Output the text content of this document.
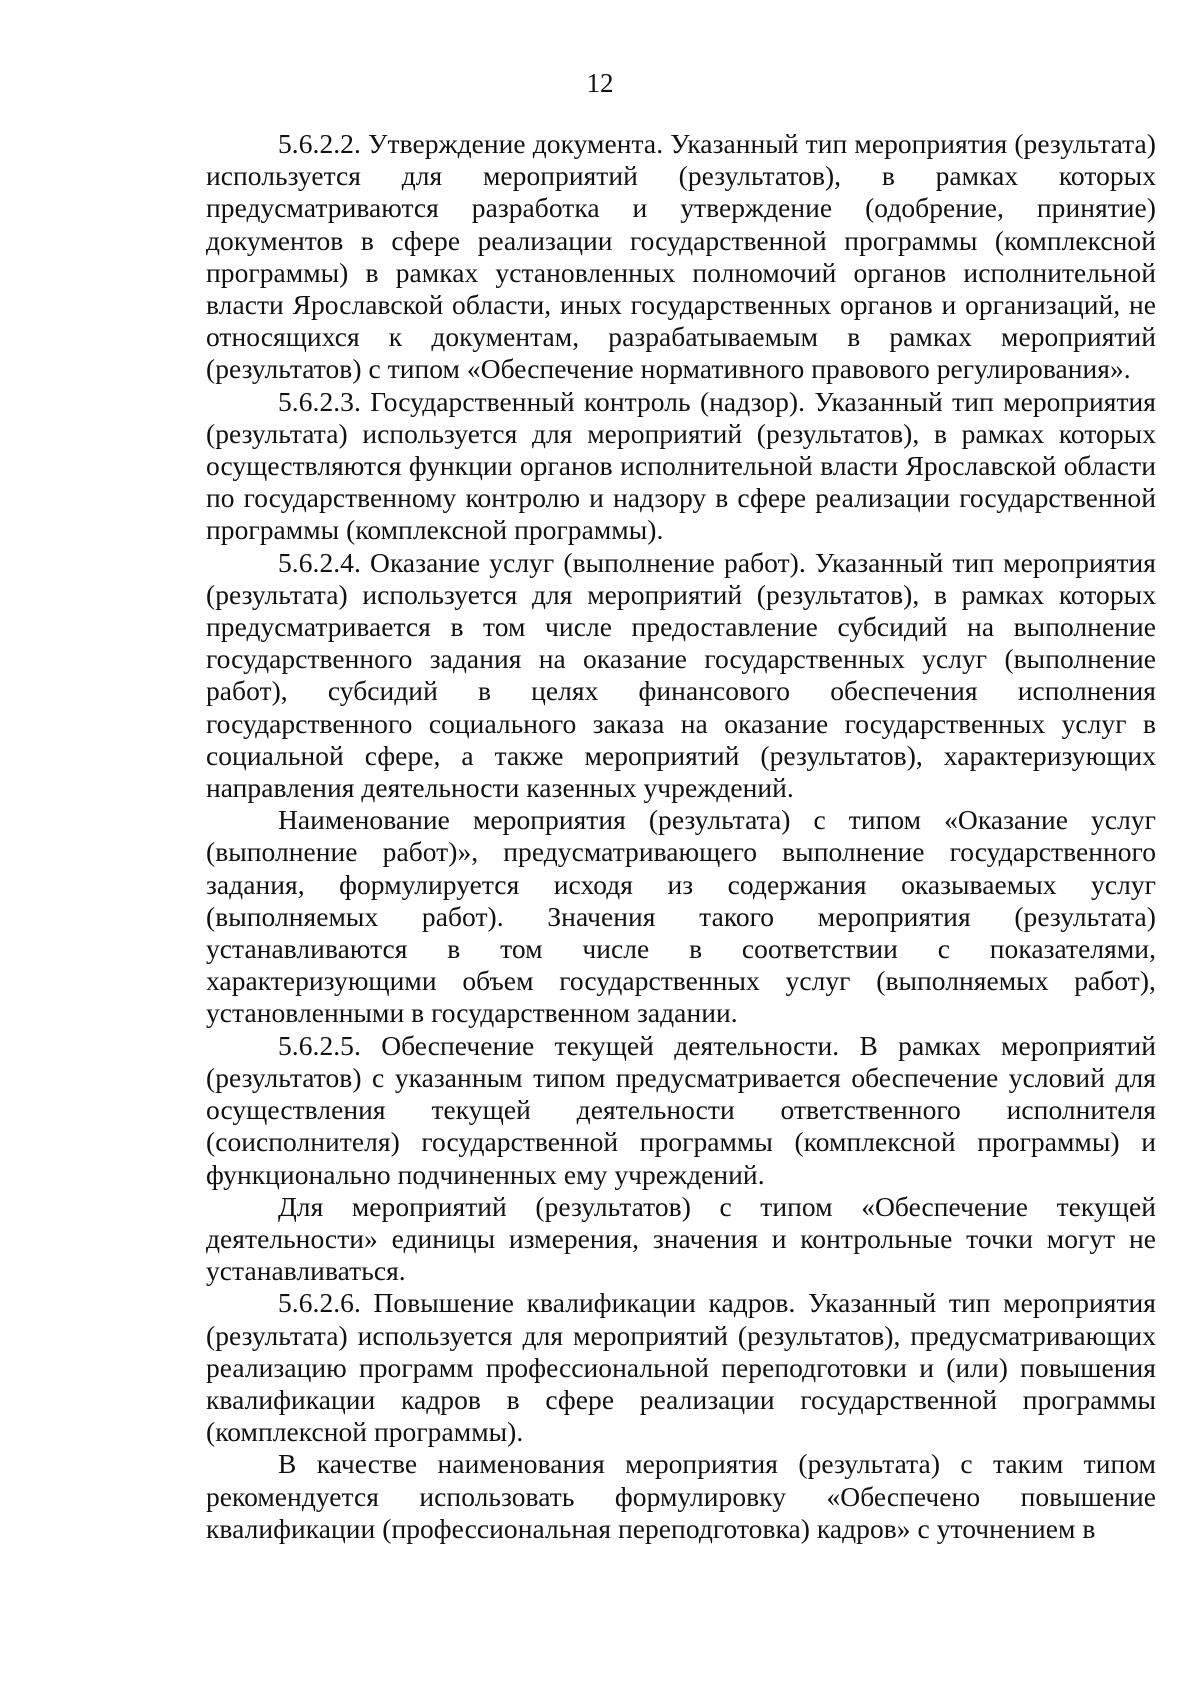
12

5.6.2.2. Утверждение документа. Указанный тип мероприятия (результата) используется для мероприятий (результатов), в рамках которых предусматриваются разработка и утверждение (одобрение, принятие) документов в сфере реализации государственной программы (комплексной программы) в рамках установленных полномочий органов исполнительной власти Ярославской области, иных государственных органов и организаций, не относящихся к документам, разрабатываемым в рамках мероприятий (результатов) с типом «Обеспечение нормативного правового регулирования».

5.6.2.3. Государственный контроль (надзор). Указанный тип мероприятия (результата) используется для мероприятий (результатов), в рамках которых осуществляются функции органов исполнительной власти Ярославской области по государственному контролю и надзору в сфере реализации государственной программы (комплексной программы).

5.6.2.4. Оказание услуг (выполнение работ). Указанный тип мероприятия (результата) используется для мероприятий (результатов), в рамках которых предусматривается в том числе предоставление субсидий на выполнение государственного задания на оказание государственных услуг (выполнение работ), субсидий в целях финансового обеспечения исполнения государственного социального заказа на оказание государственных услуг в социальной сфере, а также мероприятий (результатов), характеризующих направления деятельности казенных учреждений.

Наименование мероприятия (результата) с типом «Оказание услуг (выполнение работ)», предусматривающего выполнение государственного задания, формулируется исходя из содержания оказываемых услуг (выполняемых работ). Значения такого мероприятия (результата) устанавливаются в том числе в соответствии с показателями, характеризующими объем государственных услуг (выполняемых работ), установленными в государственном задании.

5.6.2.5. Обеспечение текущей деятельности. В рамках мероприятий (результатов) с указанным типом предусматривается обеспечение условий для осуществления текущей деятельности ответственного исполнителя (соисполнителя) государственной программы (комплексной программы) и функционально подчиненных ему учреждений.

Для мероприятий (результатов) с типом «Обеспечение текущей деятельности» единицы измерения, значения и контрольные точки могут не устанавливаться.

5.6.2.6. Повышение квалификации кадров. Указанный тип мероприятия (результата) используется для мероприятий (результатов), предусматривающих реализацию программ профессиональной переподготовки и (или) повышения квалификации кадров в сфере реализации государственной программы (комплексной программы).

В качестве наименования мероприятия (результата) с таким типом рекомендуется использовать формулировку «Обеспечено повышение квалификации (профессиональная переподготовка) кадров» с уточнением в
